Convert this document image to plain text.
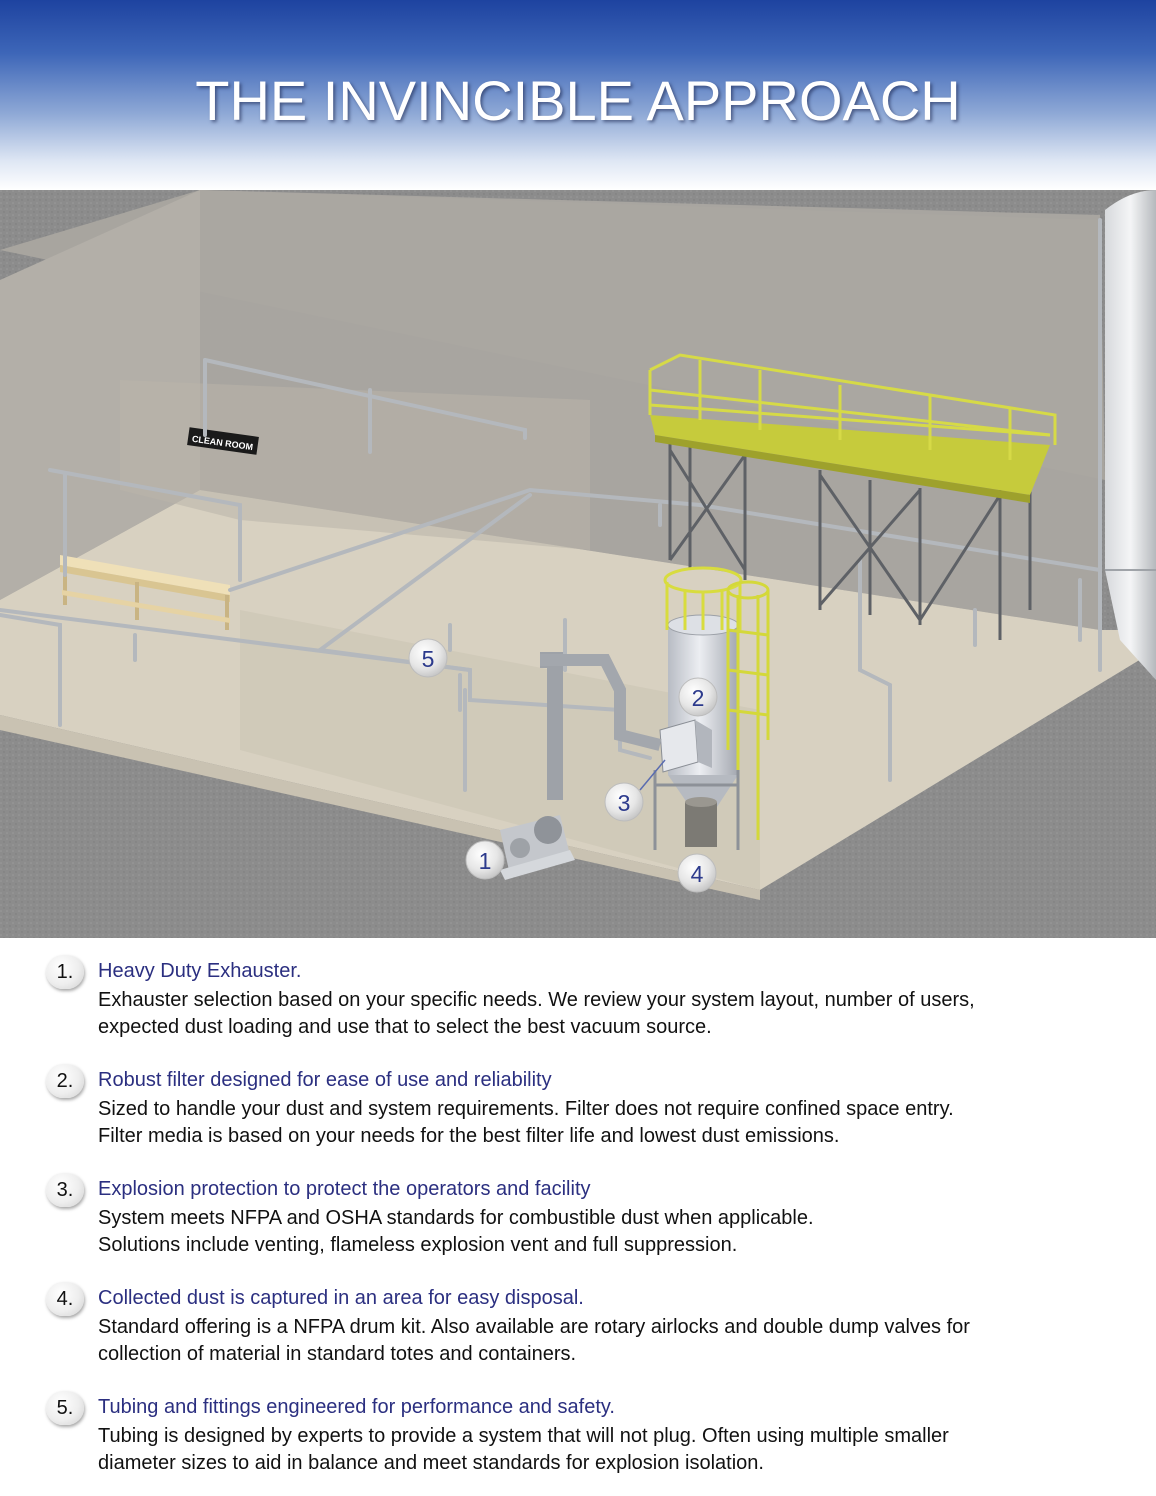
THE INVINCIBLE APPROACH
CLEAN ROOM
5
2
3
1	4
1.	Heavy Duty Exhauster.
Exhauster selection based on your specific needs. We review your system layout, number of users,
expected dust loading and use that to select the best vacuum source.
2.	Robust filter designed for ease of use and reliability
Sized to handle your dust and system requirements. Filter does not require confined space entry.
Filter media is based on your needs for the best filter life and lowest dust emissions.
3.	Explosion protection to protect the operators and facility
System meets NFPA and OSHA standards for combustible dust when applicable.
Solutions include venting, flameless explosion vent and full suppression.
4.	Collected dust is captured in an area for easy disposal.
Standard offering is a NFPA drum kit. Also available are rotary airlocks and double dump valves for
collection of material in standard totes and containers.
5.	Tubing and fittings engineered for performance and safety.
Tubing is designed by experts to provide a system that will not plug. Often using multiple smaller
diameter sizes to aid in balance and meet standards for explosion isolation.
